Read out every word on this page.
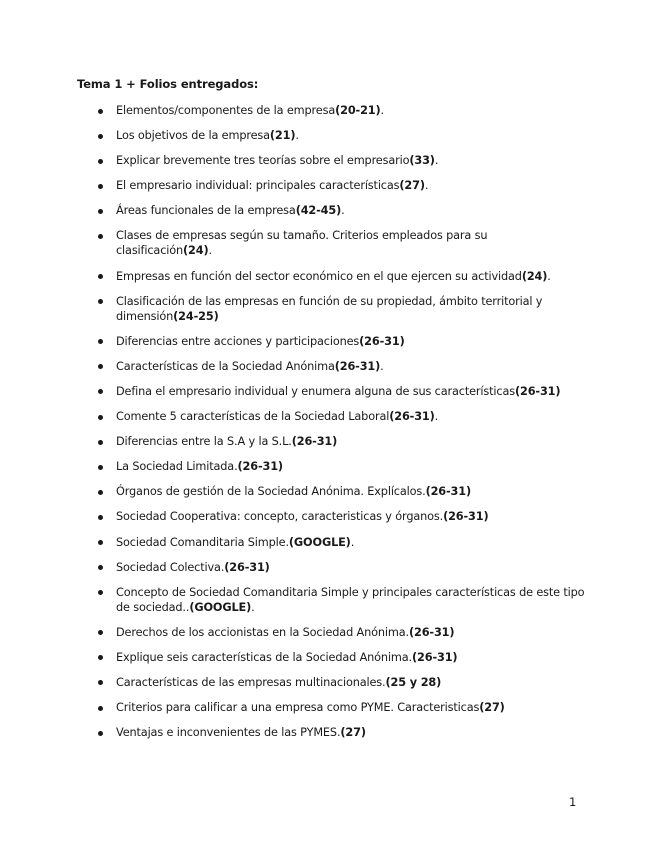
Tema 1 + Folios entregados:
Elementos/componentes de la empresa(20-21).
Los objetivos de la empresa(21).
Explicar brevemente tres teorías sobre el empresario(33).
El empresario individual: principales características(27).
Áreas funcionales de la empresa(42-45).
Clases de empresas según su tamaño. Criterios empleados para su clasificación(24).
Empresas en función del sector económico en el que ejercen su actividad(24).
Clasificación de las empresas en función de su propiedad, ámbito territorial y dimensión(24-25)
Diferencias entre acciones y participaciones(26-31)
Características de la Sociedad Anónima(26-31).
Defina el empresario individual y enumera alguna de sus características(26-31)
Comente 5 características de la Sociedad Laboral(26-31).
Diferencias entre la S.A y la S.L.(26-31)
La Sociedad Limitada.(26-31)
Órganos de gestión de la Sociedad Anónima. Explícalos.(26-31)
Sociedad Cooperativa: concepto, caracteristicas y órganos.(26-31)
Sociedad Comanditaria Simple.(GOOGLE).
Sociedad Colectiva.(26-31)
Concepto de Sociedad Comanditaria Simple y principales características de este tipo de sociedad..(GOOGLE).
Derechos de los accionistas en la Sociedad Anónima.(26-31)
Explique seis características de la Sociedad Anónima.(26-31)
Características de las empresas multinacionales.(25 y 28)
Criterios para calificar a una empresa como PYME. Caracteristicas(27)
Ventajas e inconvenientes de las PYMES.(27)
1
